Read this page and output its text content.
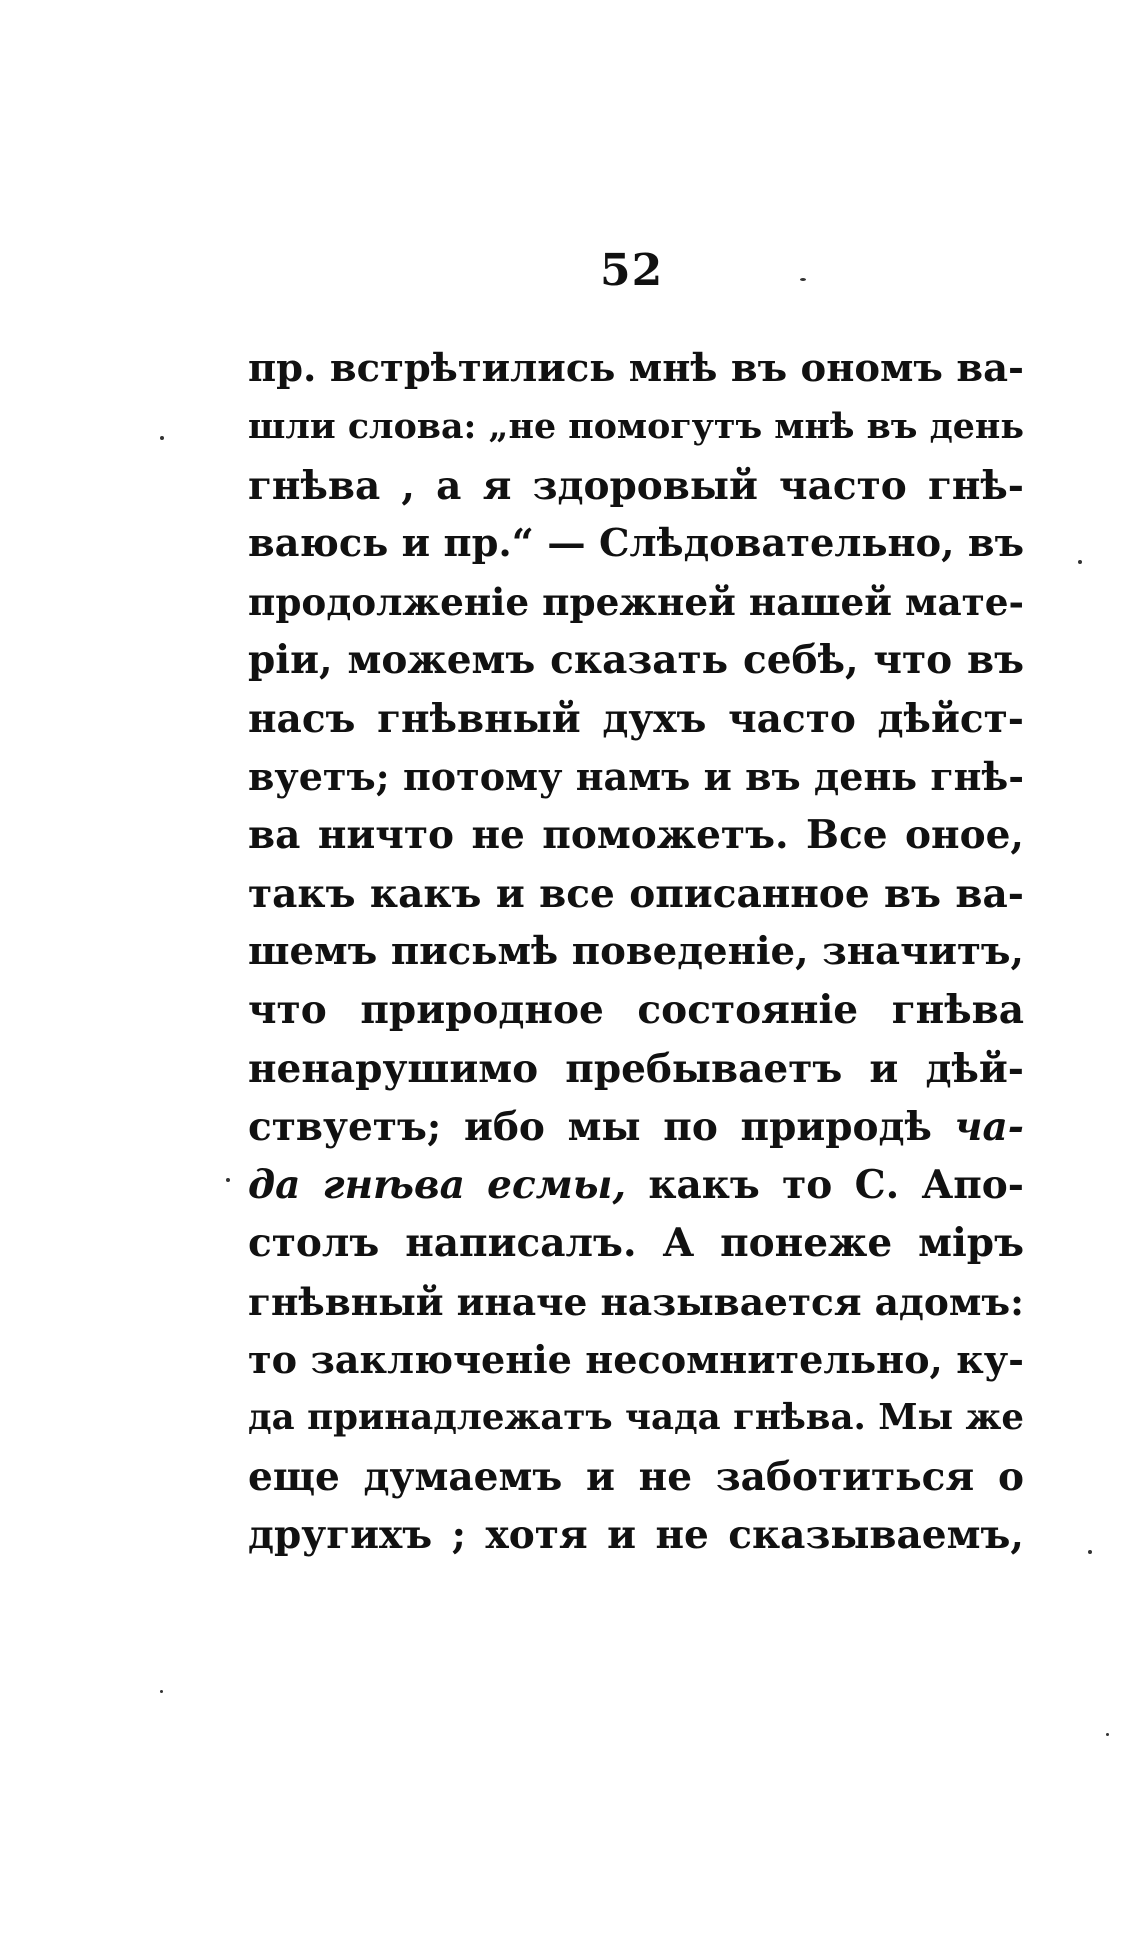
52
пр. встрѣтились мнѣ въ ономъ ва-
шли слова: „не помогутъ мнѣ въ день
гнѣва , а я здоровый часто гнѣ-
ваюсь и пр.“ — Слѣдовательно, въ
продолженіе прежней нашей мате-
ріи, можемъ сказать себѣ, что въ
насъ гнѣвный духъ часто дѣйст-
вуетъ; потому намъ и въ день гнѣ-
ва ничто не поможетъ. Все оное,
такъ какъ и все описанное въ ва-
шемъ письмѣ поведеніе, значитъ,
что природное состояніе гнѣва
ненарушимо пребываетъ и дѣй-
ствуетъ; ибо мы по природѣ ча-
да гнѣва есмы, какъ то С. Апо-
столъ написалъ. А понеже міръ
гнѣвный иначе называется адомъ:
то заключеніе несомнительно, ку-
да принадлежатъ чада гнѣва. Мы же
еще думаемъ и не заботиться о
другихъ ; хотя и не сказываемъ,
